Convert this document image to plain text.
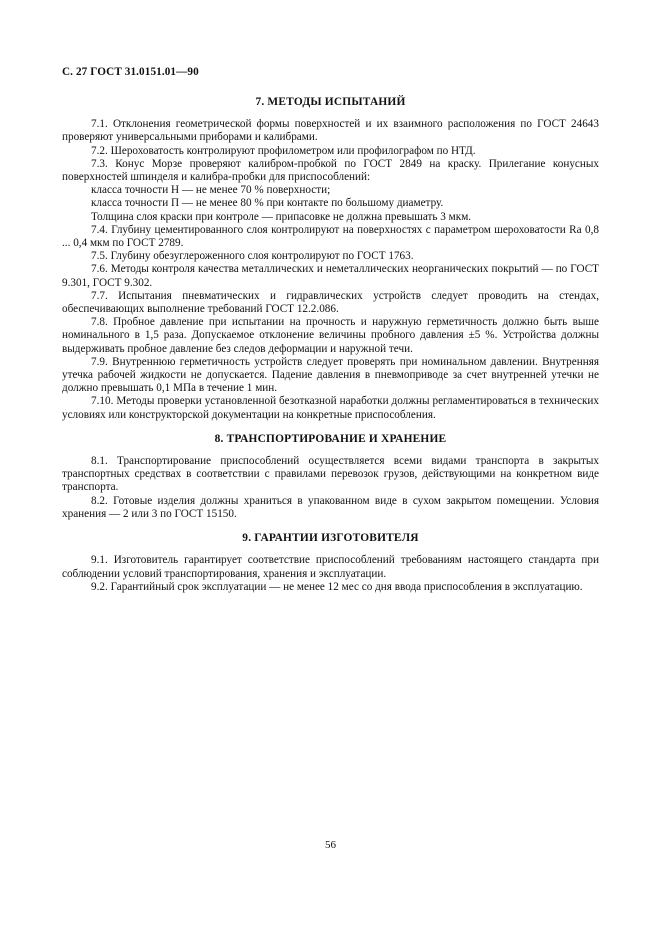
С. 27 ГОСТ 31.0151.01—90
7. МЕТОДЫ ИСПЫТАНИЙ

7.1. Отклонения геометрической формы поверхностей и их взаимного расположения по ГОСТ 24643 проверяют универсальными приборами и калибрами.

7.2. Шероховатость контролируют профилометром или профилографом по НТД.

7.3. Конус Морзе проверяют калибром-пробкой по ГОСТ 2849 на краску. Прилегание конусных поверхностей шпинделя и калибра-пробки для приспособлений:

класса точности Н — не менее 70 % поверхности;

класса точности П — не менее 80 % при контакте по большому диаметру.

Толщина слоя краски при контроле — припасовке не должна превышать 3 мкм.

7.4. Глубину цементированного слоя контролируют на поверхностях с параметром шероховатости Ra 0,8 ... 0,4 мкм по ГОСТ 2789.

7.5. Глубину обезуглероженного слоя контролируют по ГОСТ 1763.

7.6. Методы контроля качества металлических и неметаллических неорганических покрытий — по ГОСТ 9.301, ГОСТ 9.302.

7.7. Испытания пневматических и гидравлических устройств следует проводить на стендах, обеспечивающих выполнение требований ГОСТ 12.2.086.

7.8. Пробное давление при испытании на прочность и наружную герметичность должно быть выше номинального в 1,5 раза. Допускаемое отклонение величины пробного давления ±5 %. Устройства должны выдерживать пробное давление без следов деформации и наружной течи.

7.9. Внутреннюю герметичность устройств следует проверять при номинальном давлении. Внутренняя утечка рабочей жидкости не допускается. Падение давления в пневмоприводе за счет внутренней утечки не должно превышать 0,1 МПа в течение 1 мин.

7.10. Методы проверки установленной безотказной наработки должны регламентироваться в технических условиях или конструкторской документации на конкретные приспособления.

8. ТРАНСПОРТИРОВАНИЕ И ХРАНЕНИЕ

8.1. Транспортирование приспособлений осуществляется всеми видами транспорта в закрытых транспортных средствах в соответствии с правилами перевозок грузов, действующими на конкретном виде транспорта.

8.2. Готовые изделия должны храниться в упакованном виде в сухом закрытом помещении. Условия хранения — 2 или 3 по ГОСТ 15150.

9. ГАРАНТИИ ИЗГОТОВИТЕЛЯ

9.1. Изготовитель гарантирует соответствие приспособлений требованиям настоящего стандарта при соблюдении условий транспортирования, хранения и эксплуатации.

9.2. Гарантийный срок эксплуатации — не менее 12 мес со дня ввода приспособления в эксплуатацию.

56
